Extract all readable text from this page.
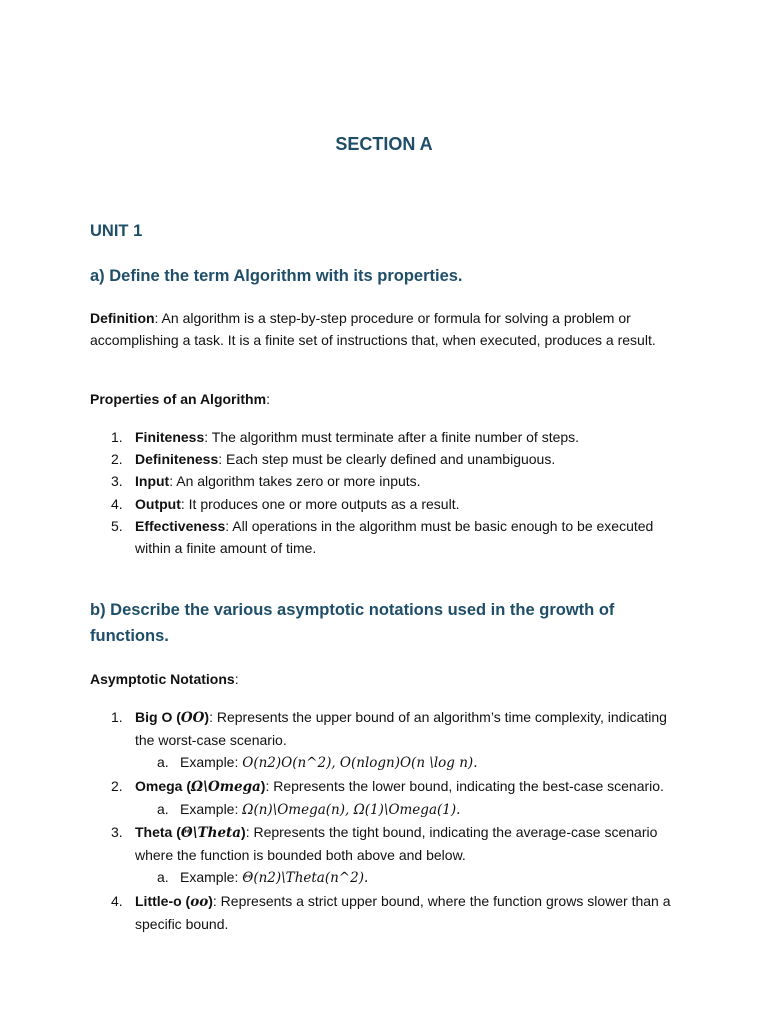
SECTION A
UNIT 1
a) Define the term Algorithm with its properties.
Definition: An algorithm is a step-by-step procedure or formula for solving a problem or accomplishing a task. It is a finite set of instructions that, when executed, produces a result.
Properties of an Algorithm:
1. Finiteness: The algorithm must terminate after a finite number of steps.
2. Definiteness: Each step must be clearly defined and unambiguous.
3. Input: An algorithm takes zero or more inputs.
4. Output: It produces one or more outputs as a result.
5. Effectiveness: All operations in the algorithm must be basic enough to be executed within a finite amount of time.
b) Describe the various asymptotic notations used in the growth of functions.
Asymptotic Notations:
1. Big O (OO): Represents the upper bound of an algorithm’s time complexity, indicating the worst-case scenario.
a. Example: O(n2)O(n^2), O(nlog⁡n)O(n \log n).
2. Omega (Ω\Omega): Represents the lower bound, indicating the best-case scenario.
a. Example: Ω(n)\Omega(n), Ω(1)\Omega(1).
3. Theta (Θ\Theta): Represents the tight bound, indicating the average-case scenario where the function is bounded both above and below.
a. Example: Θ(n2)\Theta(n^2).
4. Little-o (oo): Represents a strict upper bound, where the function grows slower than a specific bound.
